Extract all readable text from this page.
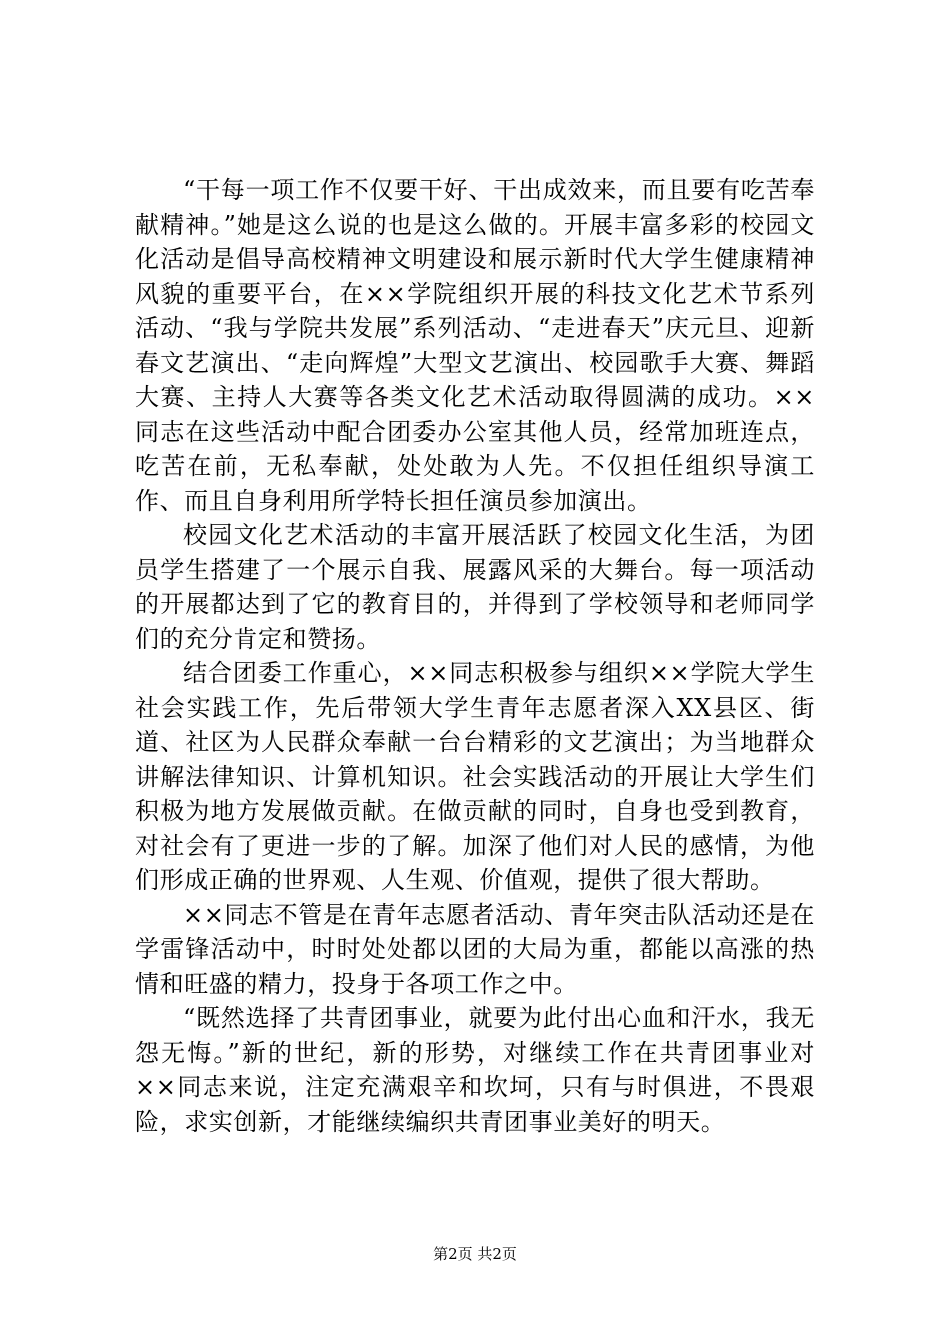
“干每一项工作不仅要干好、干出成效来，而且要有吃苦奉献精神。”她是这么说的也是这么做的。开展丰富多彩的校园文化活动是倡导高校精神文明建设和展示新时代大学生健康精神风貌的重要平台，在××学院组织开展的科技文化艺术节系列活动、“我与学院共发展”系列活动、“走进春天”庆元旦、迎新春文艺演出、“走向辉煌”大型文艺演出、校园歌手大赛、舞蹈大赛、主持人大赛等各类文化艺术活动取得圆满的成功。××同志在这些活动中配合团委办公室其他人员，经常加班连点，吃苦在前，无私奉献，处处敢为人先。不仅担任组织导演工作、而且自身利用所学特长担任演员参加演出。

校园文化艺术活动的丰富开展活跃了校园文化生活，为团员学生搭建了一个展示自我、展露风采的大舞台。每一项活动的开展都达到了它的教育目的，并得到了学校领导和老师同学们的充分肯定和赞扬。

结合团委工作重心，××同志积极参与组织××学院大学生社会实践工作，先后带领大学生青年志愿者深入XX县区、街道、社区为人民群众奉献一台台精彩的文艺演出；为当地群众讲解法律知识、计算机知识。社会实践活动的开展让大学生们积极为地方发展做贡献。在做贡献的同时，自身也受到教育，对社会有了更进一步的了解。加深了他们对人民的感情，为他们形成正确的世界观、人生观、价值观，提供了很大帮助。

××同志不管是在青年志愿者活动、青年突击队活动还是在学雷锋活动中，时时处处都以团的大局为重，都能以高涨的热情和旺盛的精力，投身于各项工作之中。

“既然选择了共青团事业，就要为此付出心血和汗水，我无怨无悔。”新的世纪，新的形势，对继续工作在共青团事业对××同志来说，注定充满艰辛和坎坷，只有与时俱进，不畏艰险，求实创新，才能继续编织共青团事业美好的明天。

第2页 共2页
